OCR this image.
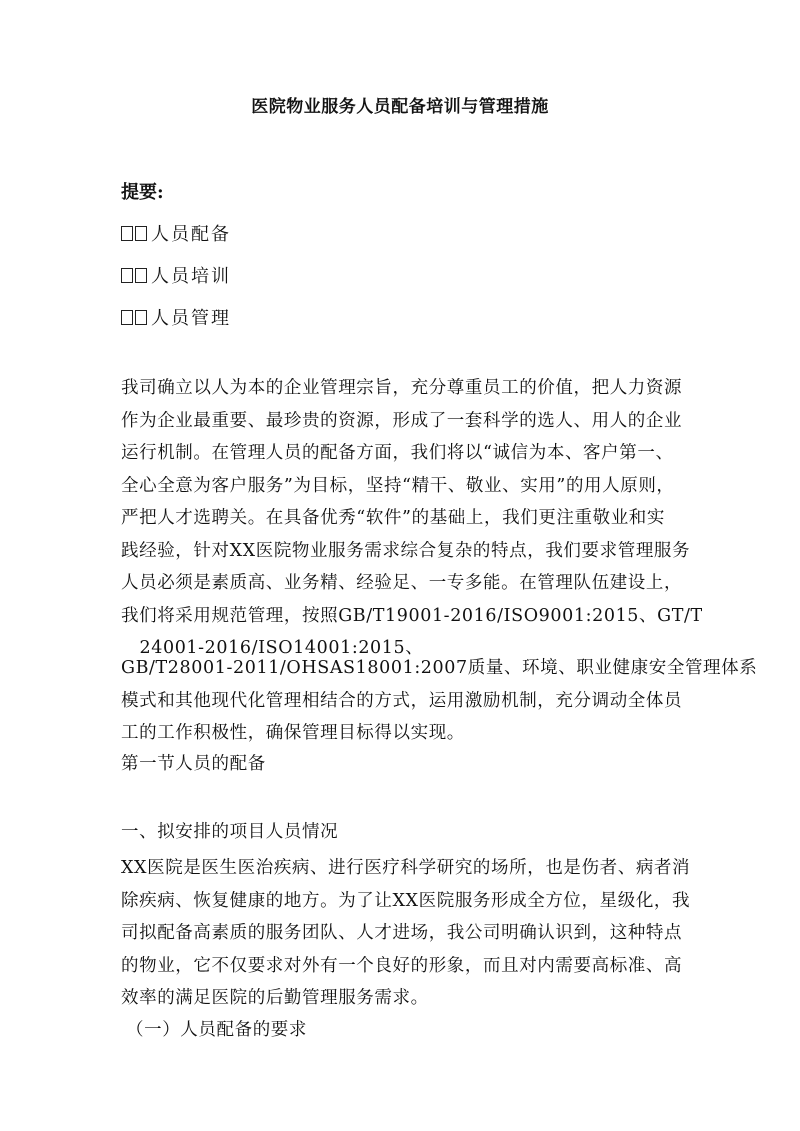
医院物业服务人员配备培训与管理措施
提要:
人员配备
人员培训
人员管理
我司确立以人为本的企业管理宗旨，充分尊重员工的价值，把人力资源
作为企业最重要、最珍贵的资源，形成了一套科学的选人、用人的企业
运行机制。在管理人员的配备方面，我们将以“诚信为本、客户第一、
全心全意为客户服务”为目标，坚持“精干、敬业、实用”的用人原则，
严把人才选聘关。在具备优秀“软件”的基础上，我们更注重敬业和实
践经验，针对XX医院物业服务需求综合复杂的特点，我们要求管理服务
人员必须是素质高、业务精、经验足、一专多能。在管理队伍建设上，
我们将采用规范管理，按照GB/T19001-2016/ISO9001:2015、GT/T
24001-2016/ISO14001:2015、
GB/T28001-2011/OHSAS18001:2007质量、环境、职业健康安全管理体系
模式和其他现代化管理相结合的方式，运用激励机制，充分调动全体员
工的工作积极性，确保管理目标得以实现。
第一节人员的配备
一、拟安排的项目人员情况
XX医院是医生医治疾病、进行医疗科学研究的场所，也是伤者、病者消
除疾病、恢复健康的地方。为了让XX医院服务形成全方位，星级化，我
司拟配备高素质的服务团队、人才进场，我公司明确认识到，这种特点
的物业，它不仅要求对外有一个良好的形象，而且对内需要高标准、高
效率的满足医院的后勤管理服务需求。
（一）人员配备的要求
